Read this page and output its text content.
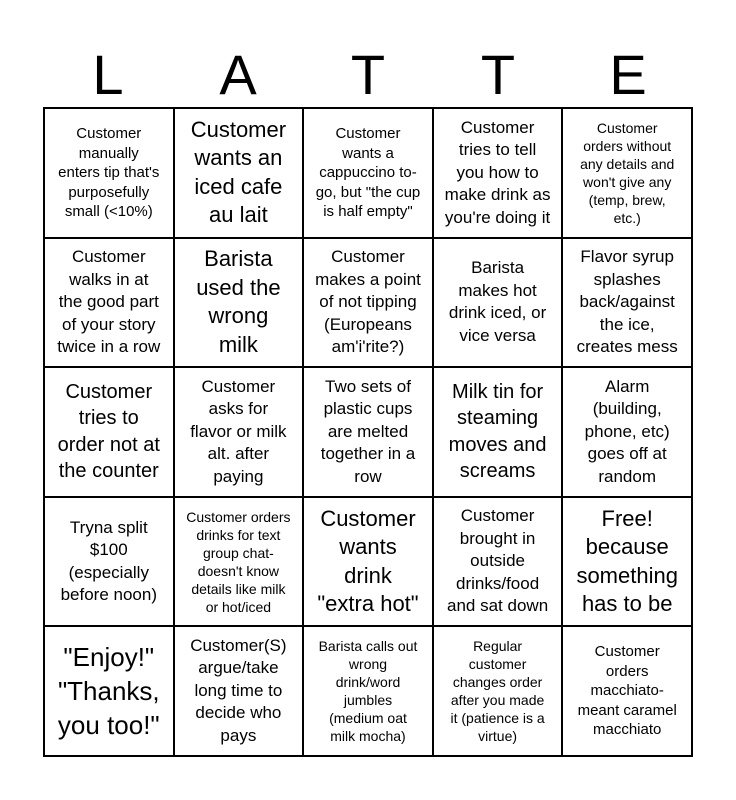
L	A	T	T	E
Customer
manually
enters tip that's
purposefully
small (<10%)
Customer
wants an
iced cafe
au lait
Customer
wants a
cappuccino to-
go, but "the cup
is half empty"
Customer
tries to tell
you how to
make drink as
you're doing it
Customer
orders without
any details and
won't give any
(temp, brew,
etc.)
Customer
walks in at
the good part
of your story
twice in a row
Barista
used the
wrong
milk
Customer
makes a point
of not tipping
(Europeans
am'i'rite?)
Barista
makes hot
drink iced, or
vice versa
Flavor syrup
splashes
back/against
the ice,
creates mess
Customer
tries to
order not at
the counter
Customer
asks for
flavor or milk
alt. after
paying
Two sets of
plastic cups
are melted
together in a
row
Milk tin for
steaming
moves and
screams
Alarm
(building,
phone, etc)
goes off at
random
Tryna split
$100
(especially
before noon)
Customer orders
drinks for text
group chat-
doesn't know
details like milk
or hot/iced
Customer
wants
drink
"extra hot"
Customer
brought in
outside
drinks/food
and sat down
Free!
because
something
has to be
"Enjoy!"
"Thanks,
you too!"
Customer(S)
argue/take
long time to
decide who
pays
Barista calls out
wrong
drink/word
jumbles
(medium oat
milk mocha)
Regular
customer
changes order
after you made
it (patience is a
virtue)
Customer
orders
macchiato-
meant caramel
macchiato
